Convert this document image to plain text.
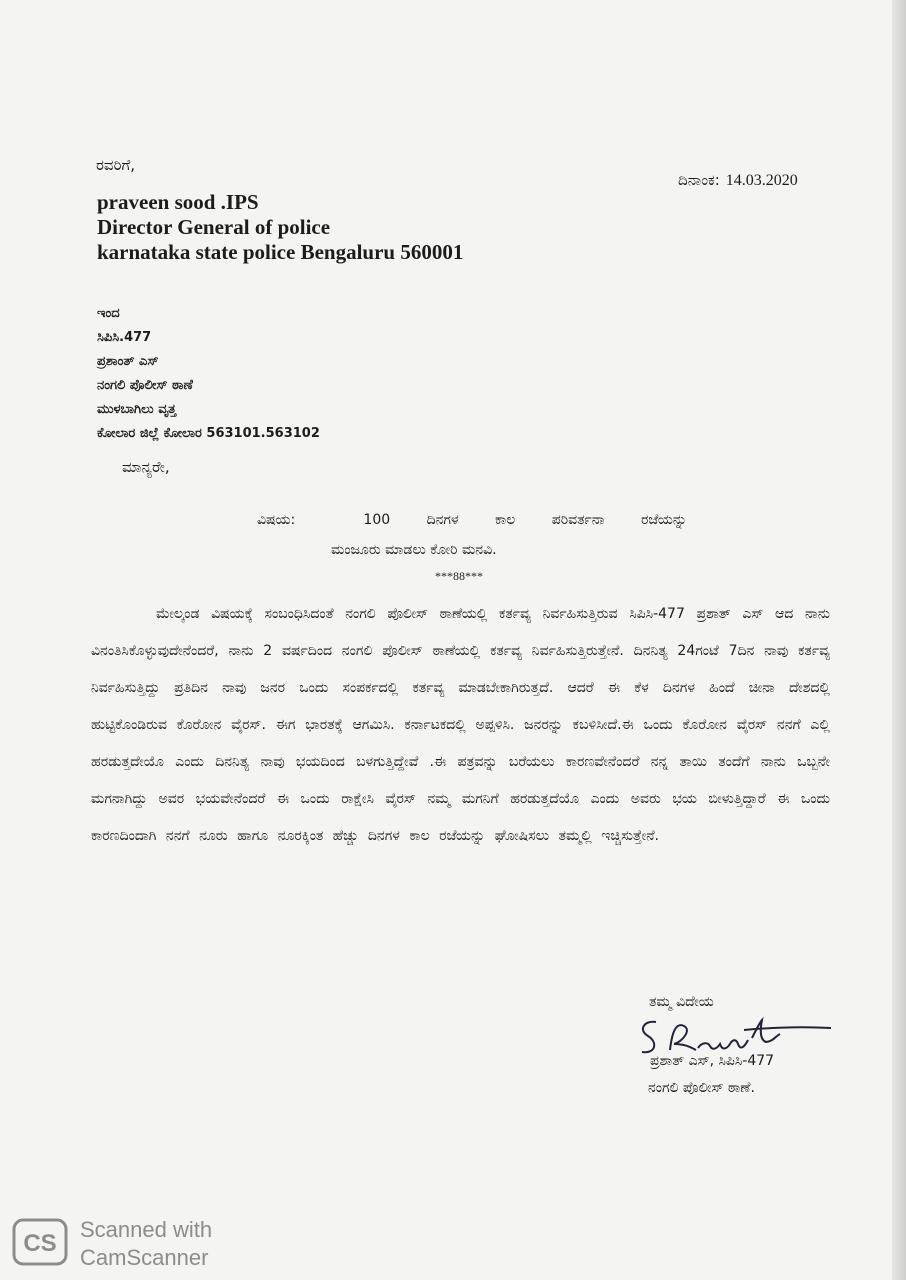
ರವರಿಗೆ,
ದಿನಾಂಕ: 14.03.2020
praveen sood .IPS
Director General of police
karnataka state police Bengaluru 560001
ಇಂದ
ಸಿಪಿಸಿ.477
ಪ್ರಶಾಂತ್ ಎಸ್
ನಂಗಲಿ ಪೊಲೀಸ್ ಠಾಣೆ
ಮುಳಬಾಗಿಲು ವೃತ್ತ
ಕೋಲಾರ ಜಿಲ್ಲೆ ಕೋಲಾರ 563101.563102
ಮಾನ್ಯರೇ,
ವಿಷಯ:	100	ದಿನಗಳ	ಕಾಲ	ಪರಿವರ್ತನಾ	ರಜೆಯನ್ನು
ಮಂಜೂರು ಮಾಡಲು ಕೋರಿ ಮನವಿ.
***88***
ಮೇಲ್ಕಂಡ ವಿಷಯಕ್ಕೆ ಸಂಬಂಧಿಸಿದಂತೆ ನಂಗಲಿ ಪೊಲೀಸ್ ಠಾಣೆಯಲ್ಲಿ ಕರ್ತವ್ಯ ನಿರ್ವಹಿಸುತ್ತಿರುವ ಸಿಪಿಸಿ-477 ಪ್ರಶಾತ್ ಎಸ್ ಆದ ನಾನು ವಿನಂತಿಸಿಕೊಳ್ಳುವುದೇನೆಂದರೆ, ನಾನು 2 ವರ್ಷದಿಂದ ನಂಗಲಿ ಪೊಲೀಸ್ ಠಾಣೆಯಲ್ಲಿ ಕರ್ತವ್ಯ ನಿರ್ವಹಿಸುತ್ತಿರುತ್ತೇನೆ. ದಿನನಿತ್ಯ 24ಗಂಟೆ 7ದಿನ ನಾವು ಕರ್ತವ್ಯ ನಿರ್ವಹಿಸುತ್ತಿದ್ದು ಪ್ರತಿದಿನ ನಾವು ಜನರ ಒಂದು ಸಂಪರ್ಕದಲ್ಲಿ ಕರ್ತವ್ಯ ಮಾಡಬೇಕಾಗಿರುತ್ತದೆ. ಆದರೆ ಈ ಕೆಳ ದಿನಗಳ ಹಿಂದೆ ಚೀನಾ ದೇಶದಲ್ಲಿ ಹುಟ್ಟಿಕೊಂಡಿರುವ ಕೊರೋನ ವೈರಸ್. ಈಗ ಭಾರತಕ್ಕೆ ಆಗಮಿಸಿ. ಕರ್ನಾಟಕದಲ್ಲಿ ಅಪ್ಪಳಿಸಿ. ಜನರನ್ನು ಕಬಳಿಸೀದೆ.ಈ ಒಂದು ಕೊರೋನ ವೈರಸ್ ನನಗೆ ಎಲ್ಲಿ ಹರಡುತ್ತದೇಯೊ ಎಂದು ದಿನನಿತ್ಯ ನಾವು ಭಯದಿಂದ ಬಳಗುತ್ತಿದ್ದೇವೆ .ಈ ಪತ್ರವನ್ನು ಬರೆಯಲು ಕಾರಣವೇನೆಂದರೆ ನನ್ನ ತಾಯಿ ತಂದೆಗೆ ನಾನು ಒಬ್ಬನೇ ಮಗನಾಗಿದ್ದು ಅವರ ಭಯವೇನೆಂದರೆ ಈ ಒಂದು ರಾಕ್ಷೇಸಿ ವೈರಸ್ ನಮ್ಮ ಮಗನಿಗೆ ಹರಡುತ್ತದೆಯೊ ಎಂದು ಅವರು ಭಯ ಬೀಳುತ್ತಿದ್ದಾರೆ ಈ ಒಂದು ಕಾರಣದಿಂದಾಗಿ ನನಗೆ ನೂರು ಹಾಗೂ ನೂರಕ್ಕಿಂತ ಹೆಚ್ಚು ದಿನಗಳ ಕಾಲ ರಜೆಯನ್ನು ಘೋಷಿಸಲು ತಮ್ಮಲ್ಲಿ ಇಚ್ಚಿಸುತ್ತೇನೆ.
ತಮ್ಮ ವಿದೇಯ
ಪ್ರಶಾತ್ ಎಸ್, ಸಿಪಿಸಿ-477
ನಂಗಲಿ ಪೊಲೀಸ್ ಠಾಣೆ.
CS
Scanned with
CamScanner
